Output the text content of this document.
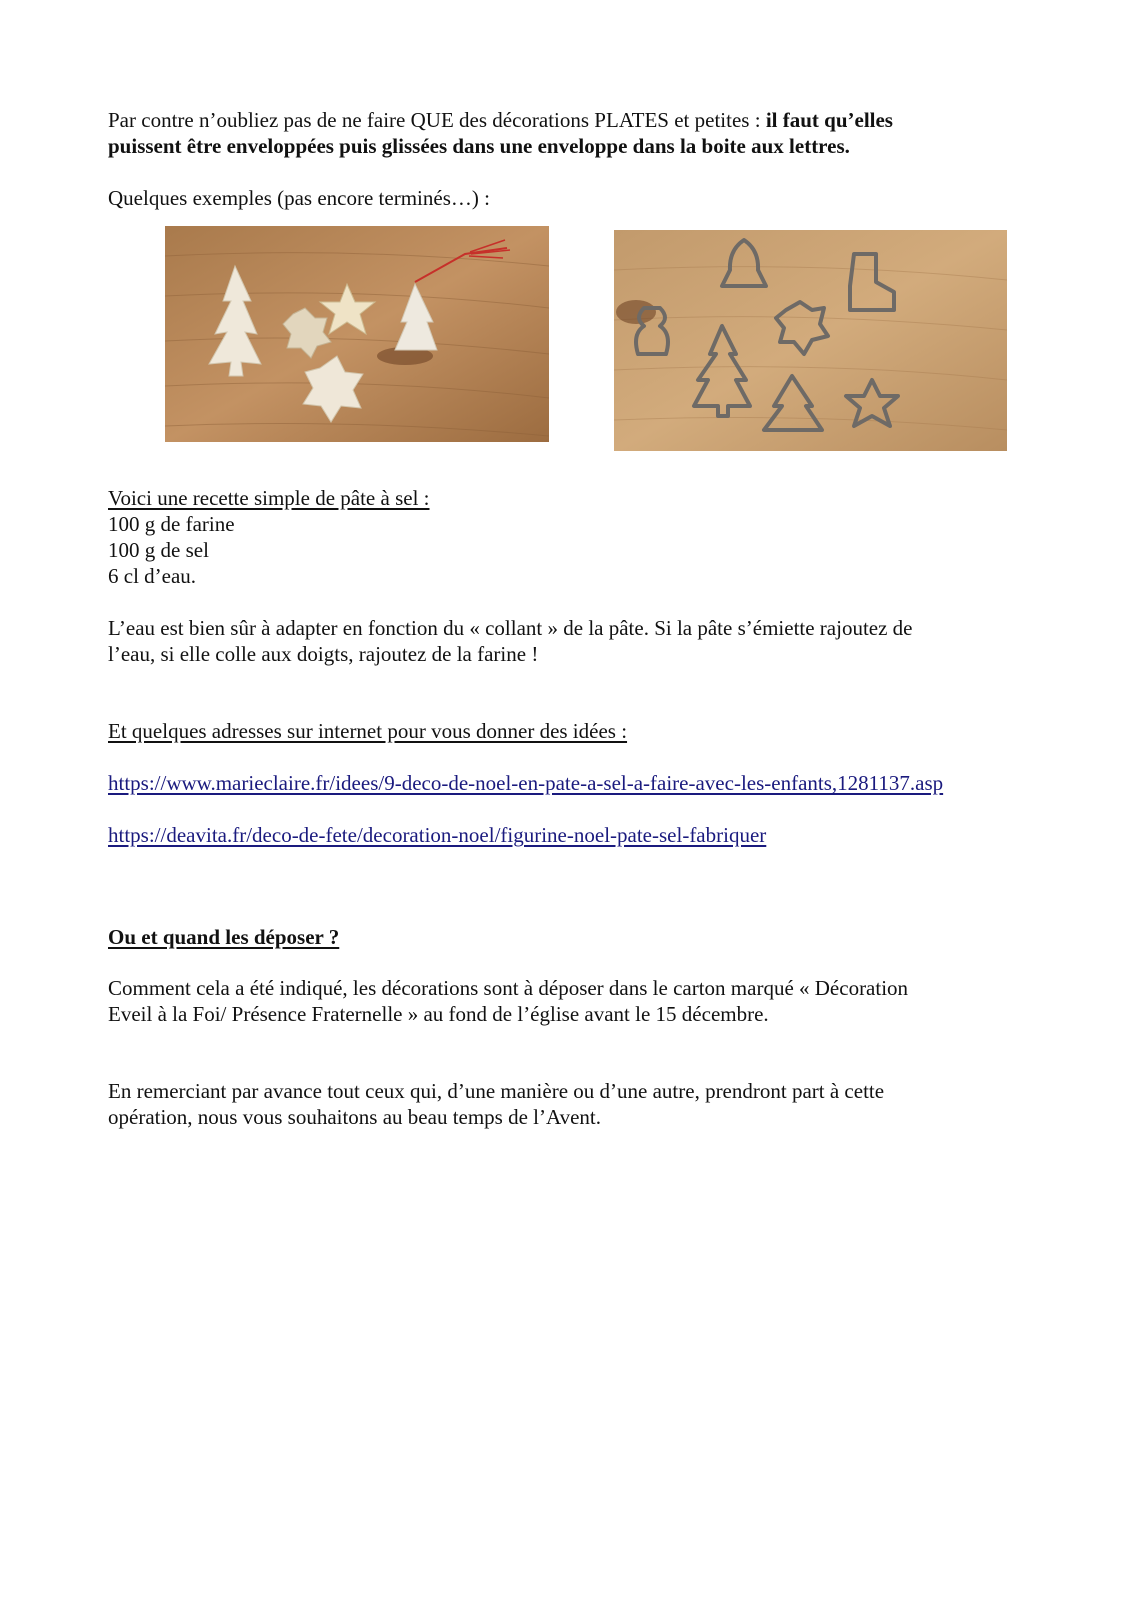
Par contre n’oubliez pas de ne faire QUE des décorations PLATES et petites : il faut qu’elles
puissent être enveloppées puis glissées dans une enveloppe dans la boite aux lettres.
Quelques exemples (pas encore terminés…) :
Voici une recette simple de pâte à sel :
100 g de farine
100 g de sel
6 cl d’eau.
L’eau est bien sûr à adapter en fonction du « collant » de la pâte. Si la pâte s’émiette rajoutez de
l’eau, si elle colle aux doigts, rajoutez de la farine !
Et quelques adresses sur internet pour vous donner des idées :
https://www.marieclaire.fr/idees/9-deco-de-noel-en-pate-a-sel-a-faire-avec-les-enfants,1281137.asp
https://deavita.fr/deco-de-fete/decoration-noel/figurine-noel-pate-sel-fabriquer
Ou et quand les déposer ?
Comment cela a été indiqué, les décorations sont à déposer dans le carton marqué « Décoration
Eveil à la Foi/ Présence Fraternelle » au fond de l’église avant le 15 décembre.
En remerciant par avance tout ceux qui, d’une manière ou d’une autre, prendront part à cette
opération, nous vous souhaitons au beau temps de l’Avent.
